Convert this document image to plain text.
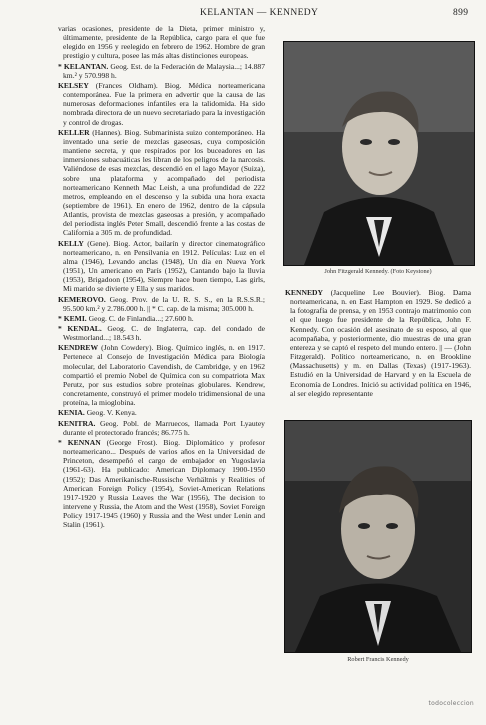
KELANTAN — KENNEDY	899

varias ocasiones, presidente de la Dieta, primer ministro y, últimamente, presidente de la República, cargo para el que fue elegido en 1956 y reelegido en febrero de 1962. Hombre de gran prestigio y cultura, posee las más altas distinciones europeas.

* KELANTAN. Geog. Est. de la Federación de Malaysia...; 14.887 km.² y 570.998 h.

KELSEY (Frances Oldham). Biog. Médica norteamericana contemporánea. Fue la primera en advertir que la causa de las numerosas deformaciones infantiles era la talidomida. Ha sido nombrada directora de un nuevo secretariado para la investigación y control de drogas.

KELLER (Hannes). Biog. Submarinista suizo contemporáneo. Ha inventado una serie de mezclas gaseosas, cuya composición mantiene secreta, y que respirados por los buceadores en las inmersiones subacuáticas les libran de los peligros de la narcosis. Valiéndose de esas mezclas, descendió en el lago Mayor (Suiza), sobre una plataforma y acompañado del periodista norteamericano Kenneth Mac Leish, a una profundidad de 222 metros, empleando en el descenso y la subida una hora exacta (septiembre de 1961). En enero de 1962, dentro de la cápsula Atlantis, provista de mezclas gaseosas a presión, y acompañado del periodista inglés Peter Small, descendió frente a las costas de California a 305 m. de profundidad.

KELLY (Gene). Biog. Actor, bailarín y director cinematográfico norteamericano, n. en Pensilvania en 1912. Películas: Luz en el alma (1946), Levando anclas (1948), Un día en Nueva York (1951), Un americano en París (1952), Cantando bajo la lluvia (1953), Brigadoon (1954), Siempre hace buen tiempo, Las girls, Mi marido se divierte y Ella y sus maridos.

KEMEROVO. Geog. Prov. de la U. R. S. S., en la R.S.S.R.; 95.500 km.² y 2.786.000 h. || * C. cap. de la misma; 305.000 h.

* KEMI. Geog. C. de Finlandia...; 27.600 h.

* KENDAL. Geog. C. de Inglaterra, cap. del condado de Westmorland...; 18.543 h.

KENDREW (John Cowdery). Biog. Químico inglés, n. en 1917. Pertenece al Consejo de Investigación Médica para Biología molecular, del Laboratorio Cavendish, de Cambridge, y en 1962 compartió el premio Nobel de Química con su compatriota Max Perutz, por sus estudios sobre proteínas globulares. Kendrew, concretamente, construyó el primer modelo tridimensional de una proteína, la mioglobina.

KENIA. Geog. V. Kenya.

KENITRA. Geog. Pobl. de Marruecos, llamada Port Lyautey durante el protectorado francés; 86.775 h.

* KENNAN (George Frost). Biog. Diplomático y profesor norteamericano... Después de varios años en la Universidad de Princeton, desempeñó el cargo de embajador en Yugoslavia (1961-63). Ha publicado: American Diplomacy 1900-1950 (1952); Das Amerikanische-Russische Verhältnis y Realities of American Foreign Policy (1954), Soviet-American Relations 1917-1920 y Russia Leaves the War (1956), The decision to intervene y Russia, the Atom and the West (1958), Soviet Foreign Policy 1917-1945 (1960) y Russia and the West under Lenin and Stalin (1961).

John Fitzgerald Kennedy. (Foto Keystone)

KENNEDY (Jacqueline Lee Bouvier). Biog. Dama norteamericana, n. en East Hampton en 1929. Se dedicó a la fotografía de prensa, y en 1953 contrajo matrimonio con el que luego fue presidente de la República, John F. Kennedy. Con ocasión del asesinato de su esposo, al que acompañaba, y posteriormente, dio muestras de una gran entereza y se captó el respeto del mundo entero. || — (John Fitzgerald). Político norteamericano, n. en Brookline (Massachusetts) y m. en Dallas (Texas) (1917-1963). Estudió en la Universidad de Harvard y en la Escuela de Economía de Londres. Inició su actividad política en 1946, al ser elegido representante

Robert Francis Kennedy
todocoleccion
